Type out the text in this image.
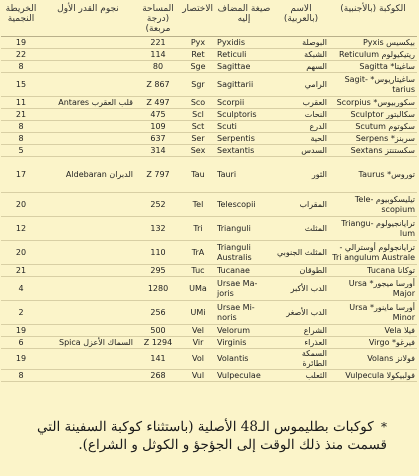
الكوكبة (بالأجنبية)	الاسم (بالعربية)	صيغة المضاف إليه	الاختصار	المساحة (درجة مربعة)	نجوم القدر الأول	الخريطة النجمية
بيكسيس Pyxis	البوصلة	Pyxidis	Pyx	221		19
ريتيكيولوم Reticulum	الشبكة	Reticuli	Ret	114		22
ساغيتا* Sagitta	السهم	Sagittae	Sge	80		8
ساغيتاريوس* Sagit- tarius	الرامي	Sagittarii	Sgr	Z 867		15
سكوربيوس* Scorpius	العقرب	Scorpii	Sco	Z 497	قلب العقرب Antares	11
سكالبتور Sculptor	النحات	Sculptoris	Scl	475		21
سكوتوم Scutum	الدرع	Scuti	Sct	109		8
سربنز* Serpens	الحية	Serpentis	Ser	637		8
سكستنتز Sextans	السدس	Sextantis	Sex	314		5
توروس* Taurus	الثور	Tauri	Tau	Z 797	الدبران Aldebaran	17
تيليسكوبيوم -Tele scopium	المقراب	Telescopii	Tel	252		20
ترايانجيولوم -Triangu lum	المثلث	Trianguli	Tri	132		12
ترايانجولوم أوسترالي -Tri angulum Australe	المثلث الجنوبي	Trianguli Australis	TrA	110		20
توكانا Tucana	الطوقان	Tucanae	Tuc	295		21
أورسا ميجور* Ursa Major	الدب الأكبر	Ursae Ma- joris	UMa	1280		4
أورسا ماينور* Ursa Minor	الدب الأصغر	Ursae Mi- noris	UMi	256		2
فيلا Vela	الشراع	Velorum	Vel	500		19
فيرغو* Virgo	العذراء	Virginis	Vir	Z 1294	السماك الأعزل Spica	6
فولانز Volans	السمكة الطائرة	Volantis	Vol	141		19
فولبيكولا Vulpecula	الثعلب	Vulpeculae	Vul	268		8
* كوكبات بطليموس الـ48 الأصلية (باستثناء كوكبة السفينة التي قسمت منذ ذلك الوقت إلى الجؤجؤ و الكوثل و الشراع).
